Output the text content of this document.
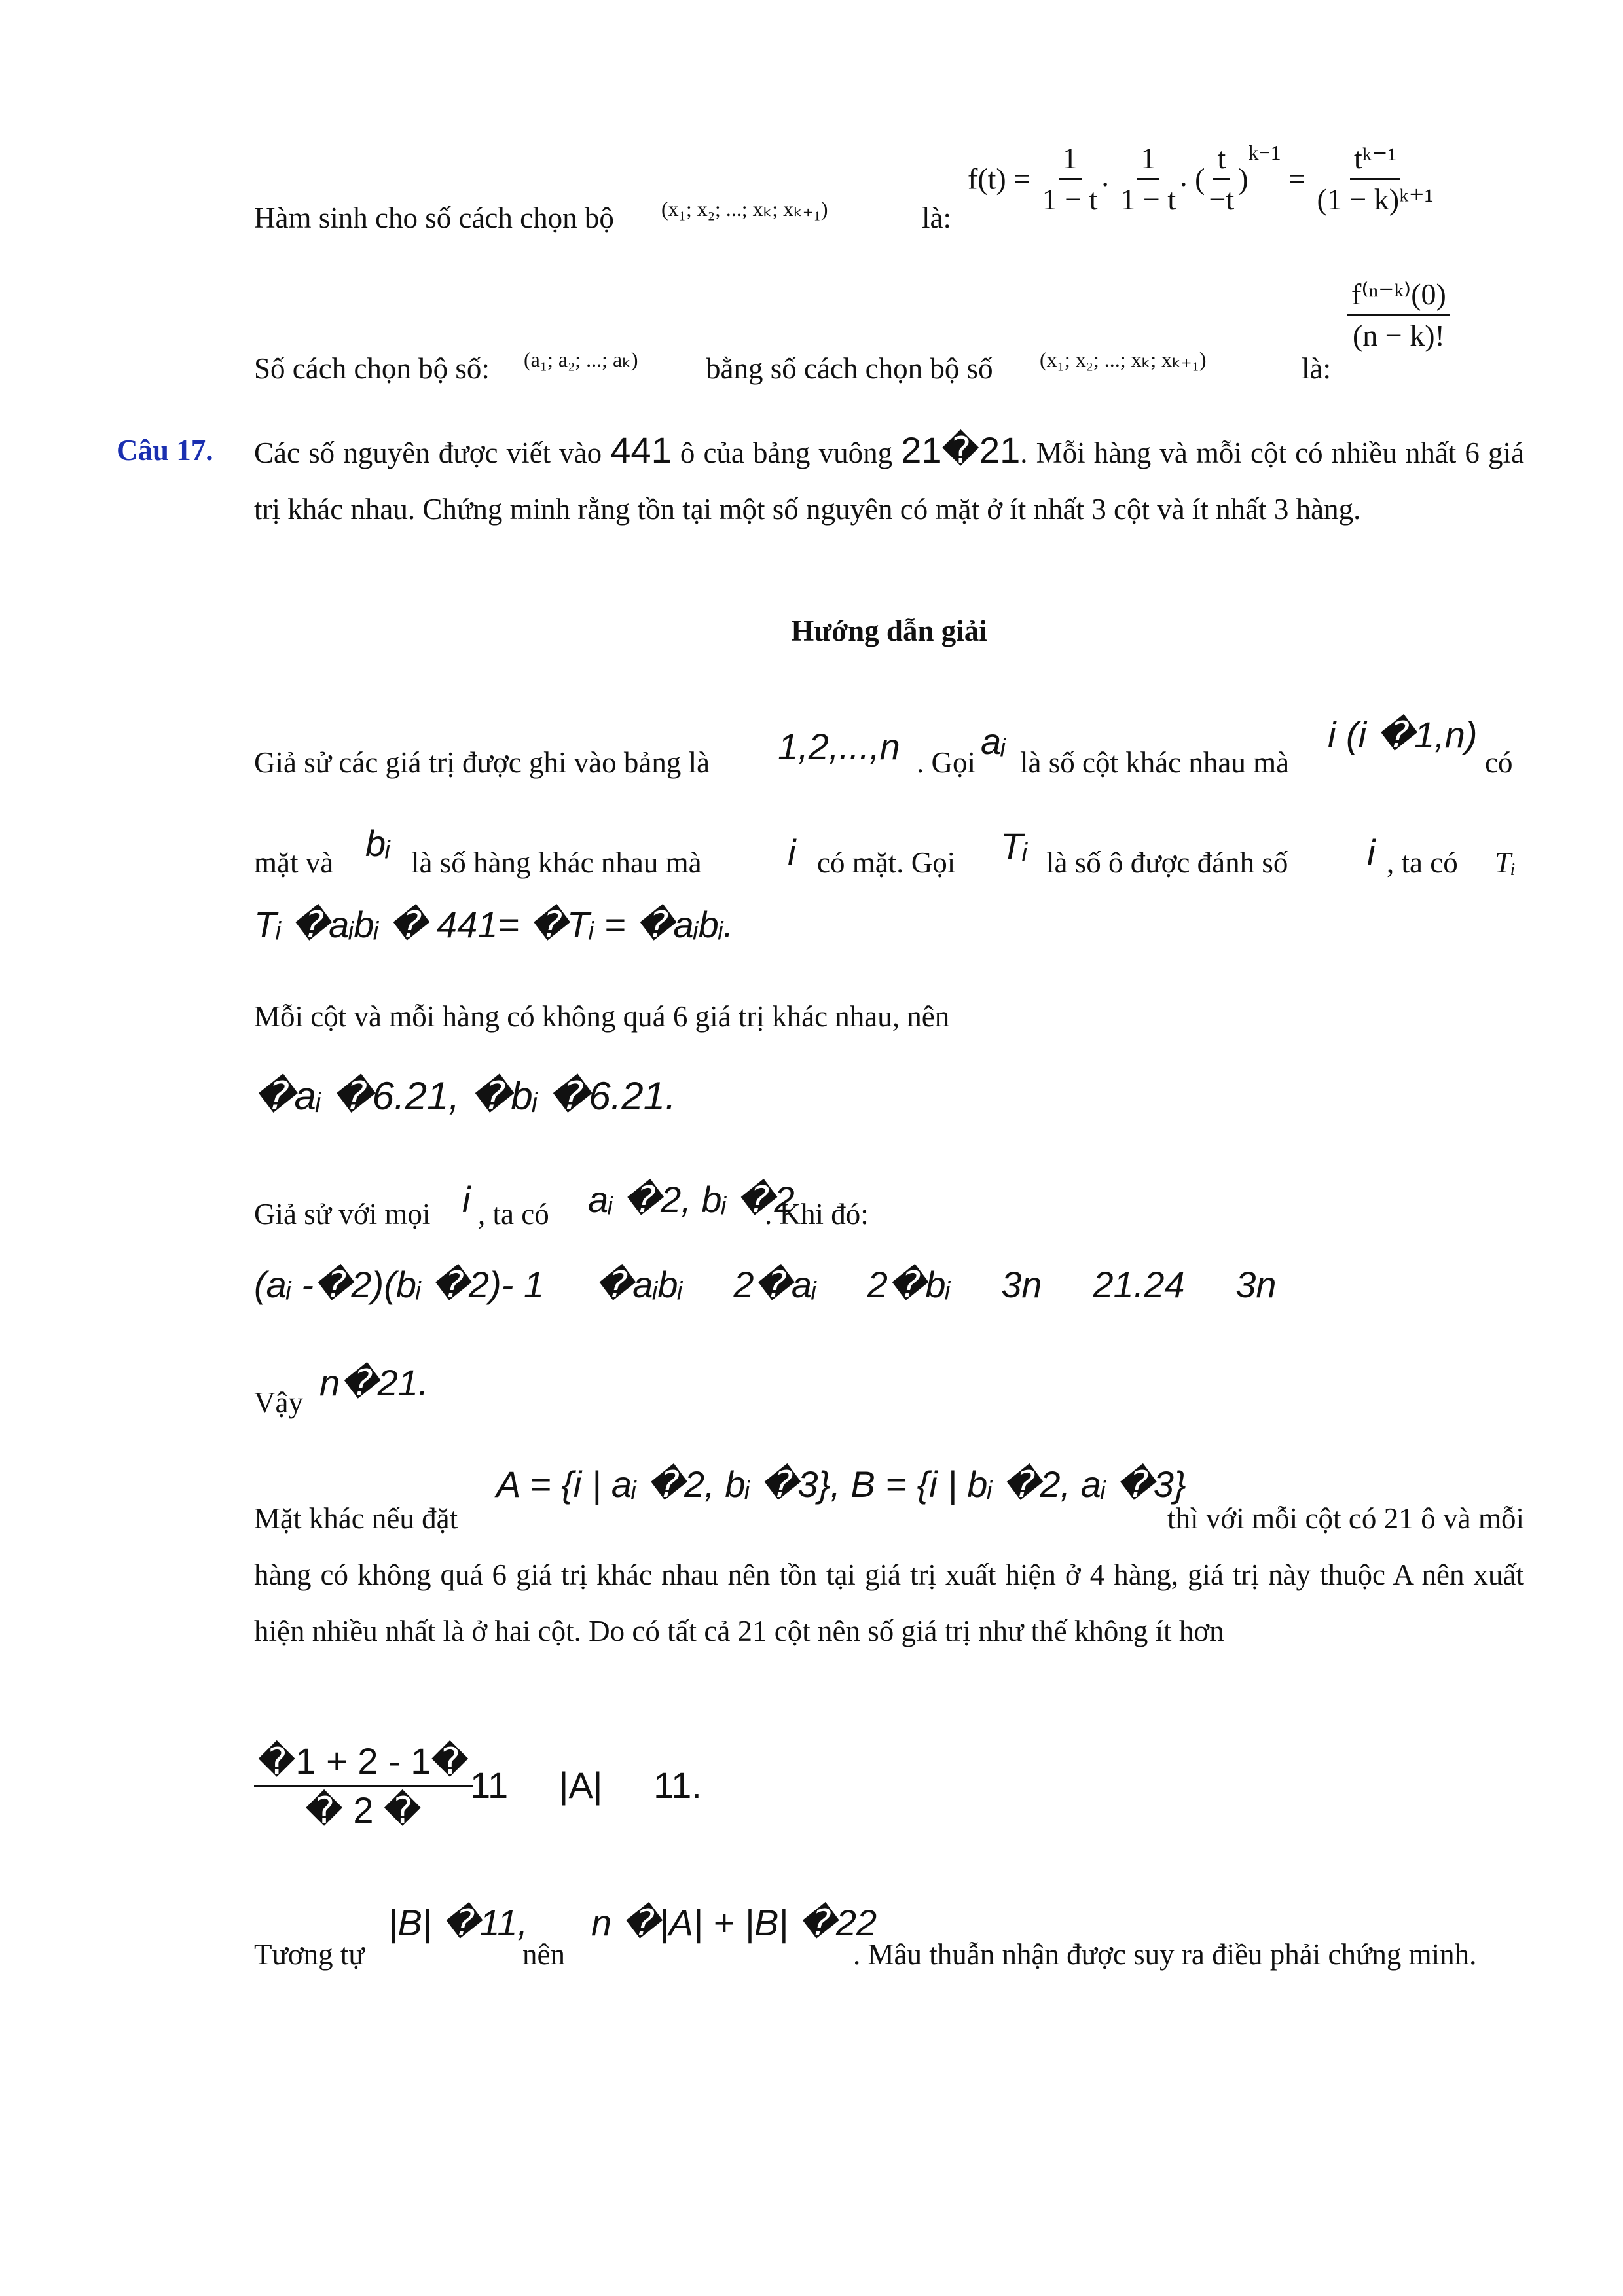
Hàm sinh cho số cách chọn bộ (x₁; x₂; ...; xₖ; xₖ₊₁)	là:
$f(t) = \frac{1}{1 - t}$ . $\frac{1}{1 - t}$ . ( $\frac{t}{-t} )^{k-1} = \frac{\text{tᵏ⁻¹}}{\text{(1 − k)ᵏ⁺¹}}$
Số cách chọn bộ số: (a₁; a₂; ...; aₖ) bằng số cách chọn bộ số (x₁; x₂; ...; xₖ; xₖ₊₁)	là:
$\frac{\text{f⁽ⁿ⁻ᵏ⁾(0)}}{(n - k)!}$
Câu 17. Các số nguyên được viết vào 441 ô của bảng vuông 21�21. Mỗi hàng và mỗi cột có nhiều nhất 6 giá trị khác nhau. Chứng minh rằng tồn tại một số nguyên có mặt ở ít nhất 3 cột và ít nhất 3 hàng.

Hướng dẫn giải
Giả sử các giá trị được ghi vào bảng là 1,2,...,n . Gọi
aᵢ
là số cột khác nhau mà
i (i �1,n)
có
mặt và bᵢ là số hàng khác nhau mà i có mặt. Gọi Tᵢ là số ô được đánh số i , ta có Tᵢ
Tᵢ �aᵢbᵢ � 441= �Tᵢ = �aᵢbᵢ.
Mỗi cột và mỗi hàng có không quá 6 giá trị khác nhau, nên
�aᵢ �6.21, �bᵢ �6.21.
Giả sử với mọi i , ta có aᵢ �2, bᵢ �2
. Khi đó:
(aᵢ -�2)(bᵢ �2)- 1     �aᵢbᵢ     2�aᵢ     2�bᵢ     3n     21.24     3n
Vậy n�21.
Mặt khác nếu đặt
A = {i | aᵢ �2, bᵢ �3}, B = {i | bᵢ �2, aᵢ �3}

thì với mỗi cột có 21 ô và mỗi hàng có không quá 6 giá trị khác nhau nên tồn tại giá trị xuất hiện ở 4 hàng, giá trị này thuộc A nên xuất hiện nhiều nhất là ở hai cột. Do có tất cả 21 cột nên số giá trị như thế không ít hơn

$\frac{�1 + 2 - 1�}{� 2 �}$
11     |A|     11.
Tương tự
|B| �11,
nên
n �|A| + |B| �22

. Mâu thuẫn nhận được suy ra điều phải chứng minh.
